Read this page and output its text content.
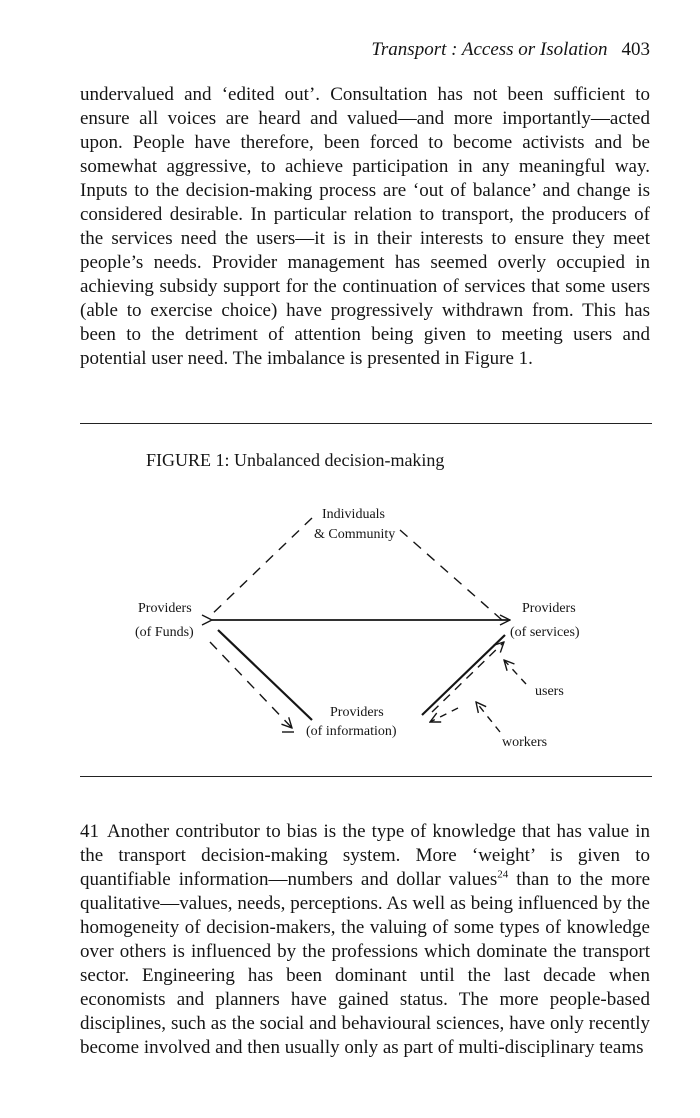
Transport : Access or Isolation 403

undervalued and ‘edited out’. Consultation has not been sufficient to ensure all voices are heard and valued—and more importantly—acted upon. People have therefore, been forced to become activists and be somewhat aggressive, to achieve participation in any meaningful way. Inputs to the decision-making process are ‘out of balance’ and change is considered desirable. In particular relation to transport, the producers of the services need the users—it is in their interests to ensure they meet people’s needs. Provider management has seemed overly occupied in achieving subsidy support for the continuation of services that some users (able to exercise choice) have progressively withdrawn from. This has been to the detriment of attention being given to meeting users and potential user need. The imbalance is presented in Figure 1.

FIGURE 1: Unbalanced decision-making
Individuals
& Community
Providers
(of Funds)
Providers
(of services)
Providers
(of information)
users
workers

41 Another contributor to bias is the type of knowledge that has value in the transport decision-making system. More ‘weight’ is given to quantifiable information—numbers and dollar values$^{24}$ than to the more qualitative—values, needs, perceptions. As well as being influenced by the homogeneity of decision-makers, the valuing of some types of knowledge over others is influenced by the professions which dominate the transport sector. Engineering has been dominant until the last decade when economists and planners have gained status. The more people-based disciplines, such as the social and behavioural sciences, have only recently become involved and then usually only as part of multi-disciplinary teams
